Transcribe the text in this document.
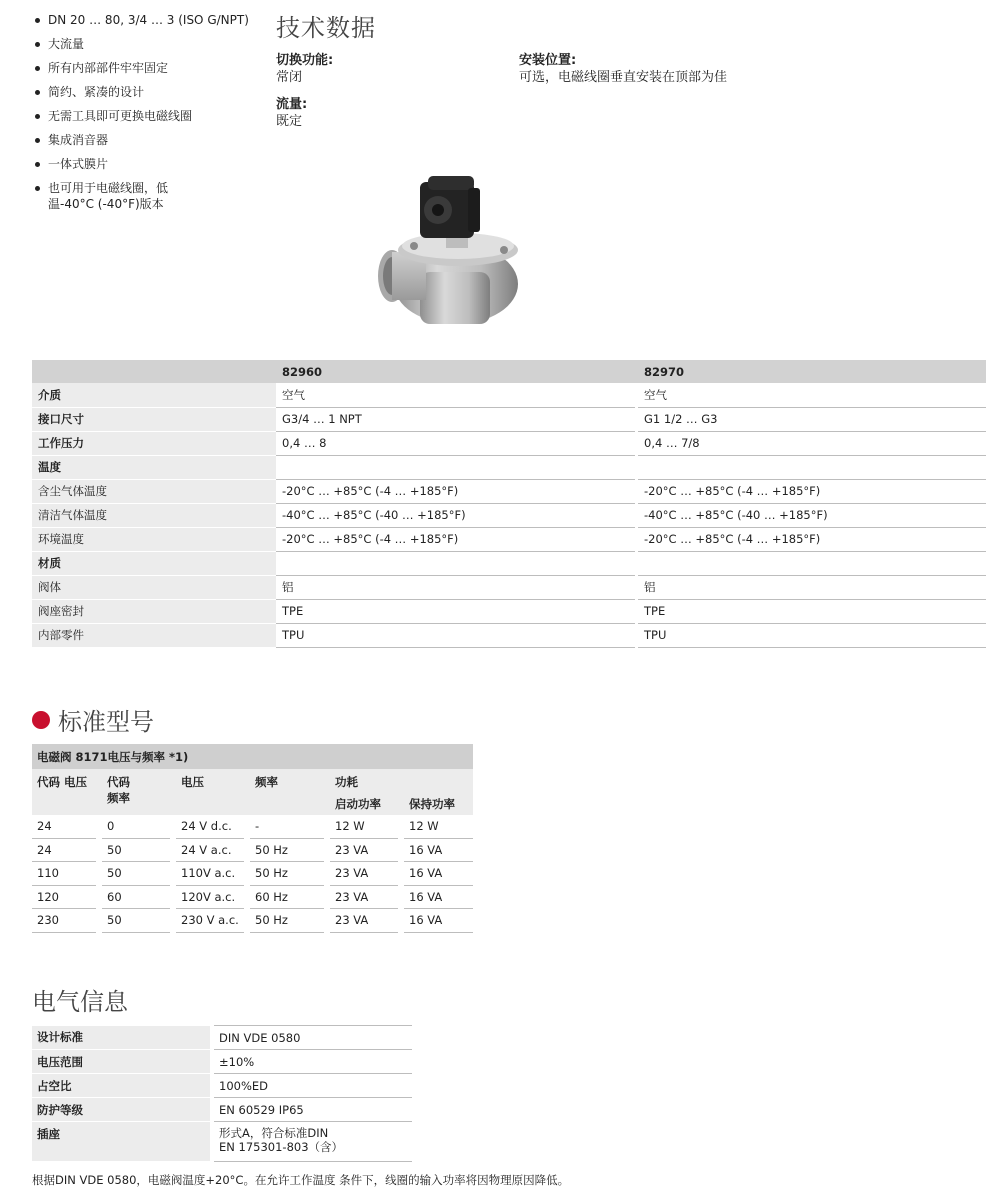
DN 20 … 80, 3/4 … 3 (ISO G/NPT)
大流量
所有内部部件牢牢固定
简约、紧凑的设计
无需工具即可更换电磁线圈
集成消音器
一体式膜片
也可用于电磁线圈，低温-40°C (-40°F)版本
技术数据
切换功能:
常闭
流量:
既定
安装位置:
可选，电磁线圈垂直安装在顶部为佳
	82960		82970
介质	空气		空气
接口尺寸	G3/4 … 1 NPT		G1 1/2 … G3
工作压力	0,4 … 8		0,4 … 7/8
温度			
含尘气体温度	-20°C … +85°C (-4 … +185°F)		-20°C … +85°C (-4 … +185°F)
清洁气体温度	-40°C … +85°C (-40 … +185°F)		-40°C … +85°C (-40 … +185°F)
环境温度	-20°C … +85°C (-4 … +185°F)		-20°C … +85°C (-4 … +185°F)
材质			
阀体	铝		铝
阀座密封	TPE		TPE
内部零件	TPU		TPU
标准型号
电磁阀 8171电压与频率 *1)										
代码 电压		代码 频率		电压		频率		功耗		
								启动功率		保持功率
24		0		24 V d.c.		-		12 W		12 W
24		50		24 V a.c.		50 Hz		23 VA		16 VA
110		50		110V a.c.		50 Hz		23 VA		16 VA
120		60		120V a.c.		60 Hz		23 VA		16 VA
230		50		230 V a.c.		50 Hz		23 VA		16 VA
电气信息
设计标准		DIN VDE 0580
电压范围		±10%
占空比		100%ED
防护等级		EN 60529 IP65
插座		形式A，符合标准DIN EN 175301-803（含）
根据DIN VDE 0580，电磁阀温度+20°C。在允许工作温度 条件下，线圈的输入功率将因物理原因降低。
